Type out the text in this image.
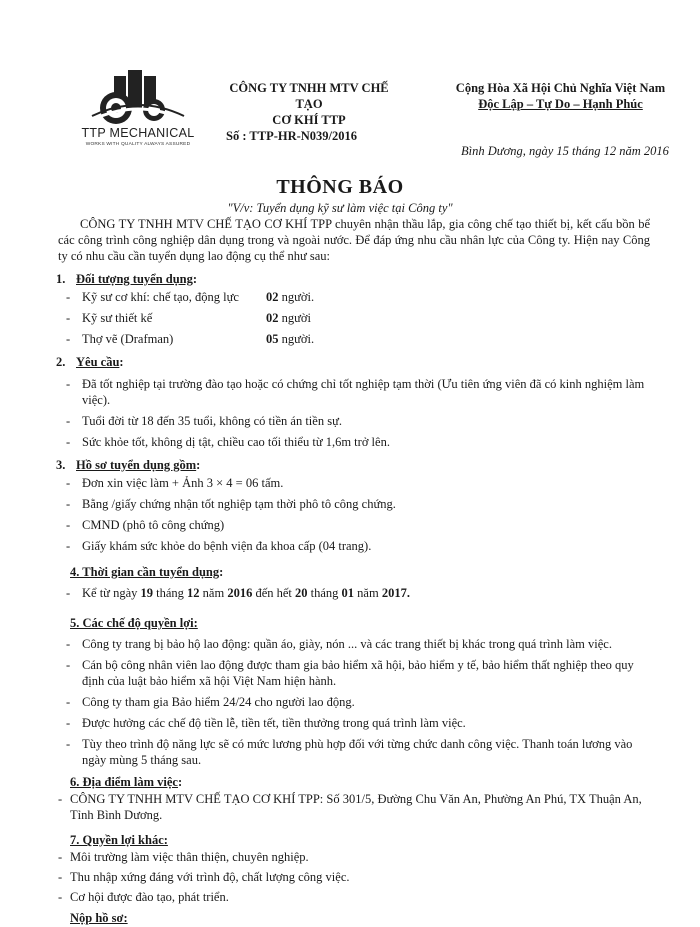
TTP MECHANICAL
WORKS WITH QUALITY ALWAYS ASSURED
CÔNG TY TNHH MTV CHẾ TẠO
CƠ KHÍ TTP
Số : TTP-HR-N039/2016
Cộng Hòa Xã Hội Chủ Nghĩa Việt Nam
Độc Lập – Tự Do – Hạnh Phúc
Bình Dương, ngày 15 tháng 12 năm 2016
THÔNG BÁO
"V/v: Tuyển dụng kỹ sư làm việc tại Công ty"
CÔNG TY TNHH MTV CHẾ TẠO CƠ KHÍ TPP chuyên nhận thầu lắp, gia công chế tạo thiết bị, kết cấu bồn bể các công trình công nghiệp dân dụng trong và ngoài nước. Để đáp ứng nhu cầu nhân lực của Công ty. Hiện nay Công ty có nhu cầu cần tuyển dụng lao động cụ thể như sau:
1. Đối tượng tuyển dụng:
- Kỹ sư cơ khí: chế tạo, động lực	02 người.
- Kỹ sư thiết kế	02 người
- Thợ vẽ (Drafman)	05 người.
2. Yêu cầu:
- Đã tốt nghiệp tại trường đào tạo hoặc có chứng chỉ tốt nghiệp tạm thời (Ưu tiên ứng viên đã có kinh nghiệm làm việc).
- Tuổi đời từ 18 đến 35 tuổi, không có tiền án tiền sự.
- Sức khỏe tốt, không dị tật, chiều cao tối thiểu từ 1,6m trở lên.
3. Hồ sơ tuyển dụng gồm:
- Đơn xin việc làm + Ảnh 3 × 4 = 06 tấm.
- Bằng /giấy chứng nhận tốt nghiệp tạm thời phô tô công chứng.
- CMND (phô tô công chứng)
- Giấy khám sức khỏe do bệnh viện đa khoa cấp (04 trang).
4. Thời gian cần tuyển dụng:
- Kể từ ngày 19 tháng 12 năm 2016 đến hết 20 tháng 01 năm 2017.
5. Các chế độ quyền lợi:
- Công ty trang bị bảo hộ lao động: quần áo, giày, nón ... và các trang thiết bị khác trong quá trình làm việc.
- Cán bộ công nhân viên lao động được tham gia bảo hiểm xã hội, bảo hiểm y tế, bảo hiểm thất nghiệp theo quy định của luật bảo hiểm xã hội Việt Nam hiện hành.
- Công ty tham gia Bảo hiểm 24/24 cho người lao động.
- Được hưởng các chế độ tiền lễ, tiền tết, tiền thưởng trong quá trình làm việc.
- Tùy theo trình độ năng lực sẽ có mức lương phù hợp đối với từng chức danh công việc. Thanh toán lương vào ngày mùng 5 tháng sau.
6. Địa điểm làm việc:
- CÔNG TY TNHH MTV CHẾ TẠO CƠ KHÍ TPP: Số 301/5, Đường Chu Văn An, Phường An Phú, TX Thuận An, Tỉnh Bình Dương.
7. Quyền lợi khác:
- Môi trường làm việc thân thiện, chuyên nghiệp.
- Thu nhập xứng đáng với trình độ, chất lượng công việc.
- Cơ hội được đào tạo, phát triển.
Nộp hồ sơ:
